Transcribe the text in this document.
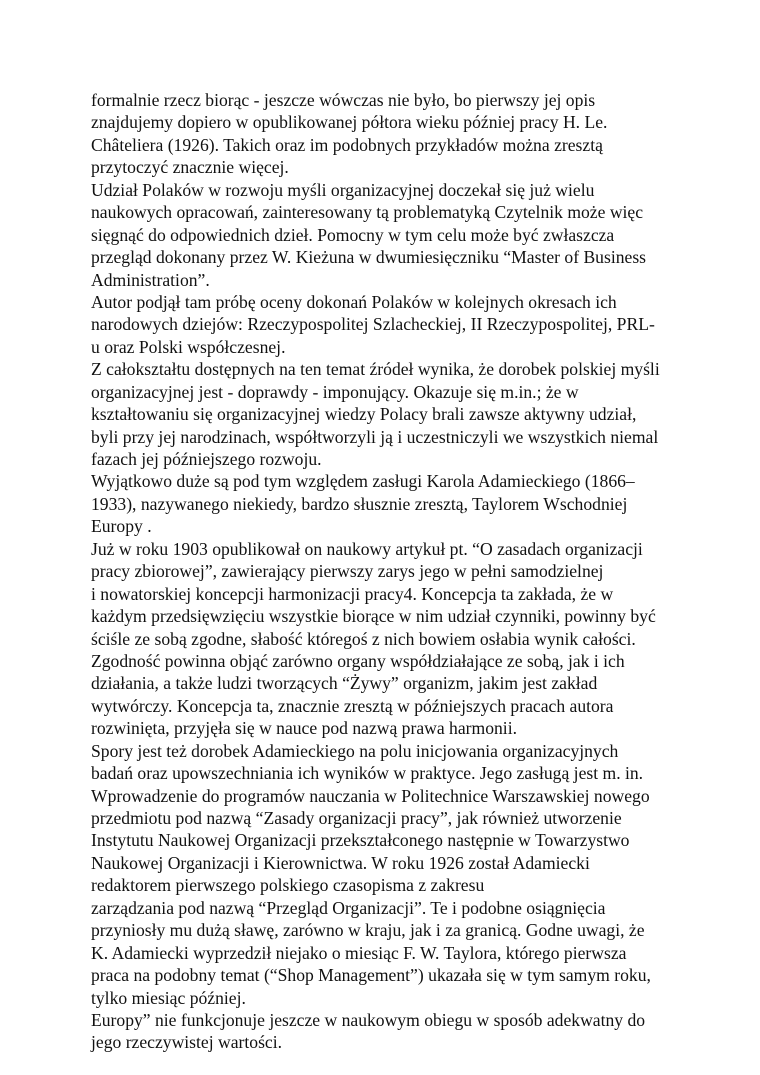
formalnie rzecz biorąc - jeszcze wówczas nie było, bo pierwszy jej opis
znajdujemy dopiero w opublikowanej półtora wieku później pracy H. Le.
Châteliera (1926). Takich oraz im podobnych przykładów można zresztą
przytoczyć znacznie więcej.
Udział Polaków w rozwoju myśli organizacyjnej doczekał się już wielu
naukowych opracowań, zainteresowany tą problematyką Czytelnik może więc
sięgnąć do odpowiednich dzieł. Pomocny w tym celu może być zwłaszcza
przegląd dokonany przez W. Kieżuna w dwumiesięczniku “Master of Business
Administration”.
Autor podjął tam próbę oceny dokonań Polaków w kolejnych okresach ich
narodowych dziejów: Rzeczypospolitej Szlacheckiej, II Rzeczypospolitej, PRL-
u oraz Polski współczesnej.
Z całokształtu dostępnych na ten temat źródeł wynika, że dorobek polskiej myśli
organizacyjnej jest - doprawdy - imponujący. Okazuje się m.in.; że w
kształtowaniu się organizacyjnej wiedzy Polacy brali zawsze aktywny udział,
byli przy jej narodzinach, współtworzyli ją i uczestniczyli we wszystkich niemal
fazach jej późniejszego rozwoju.
Wyjątkowo duże są pod tym względem zasługi Karola Adamieckiego (1866–
1933), nazywanego niekiedy, bardzo słusznie zresztą, Taylorem Wschodniej
Europy .
Już w roku 1903 opublikował on naukowy artykuł pt. “O zasadach organizacji
pracy zbiorowej”, zawierający pierwszy zarys jego w pełni samodzielnej
i nowatorskiej koncepcji harmonizacji pracy4. Koncepcja ta zakłada, że w
każdym przedsięwzięciu wszystkie biorące w nim udział czynniki, powinny być
ściśle ze sobą zgodne, słabość któregoś z nich bowiem osłabia wynik całości.
Zgodność powinna objąć zarówno organy współdziałające ze sobą, jak i ich
działania, a także ludzi tworzących “Żywy” organizm, jakim jest zakład
wytwórczy. Koncepcja ta, znacznie zresztą w późniejszych pracach autora
rozwinięta, przyjęła się w nauce pod nazwą prawa harmonii.
Spory jest też dorobek Adamieckiego na polu inicjowania organizacyjnych
badań oraz upowszechniania ich wyników w praktyce. Jego zasługą jest m. in.
Wprowadzenie do programów nauczania w Politechnice Warszawskiej nowego
przedmiotu pod nazwą “Zasady organizacji pracy”, jak również utworzenie
Instytutu Naukowej Organizacji przekształconego następnie w Towarzystwo
Naukowej Organizacji i Kierownictwa. W roku 1926 został Adamiecki
redaktorem pierwszego polskiego czasopisma z zakresu
zarządzania pod nazwą “Przegląd Organizacji”. Te i podobne osiągnięcia
przyniosły mu dużą sławę, zarówno w kraju, jak i za granicą. Godne uwagi, że
K. Adamiecki wyprzedził niejako o miesiąc F. W. Taylora, którego pierwsza
praca na podobny temat (“Shop Management”) ukazała się w tym samym roku,
tylko miesiąc później.
Europy” nie funkcjonuje jeszcze w naukowym obiegu w sposób adekwatny do
jego rzeczywistej wartości.
